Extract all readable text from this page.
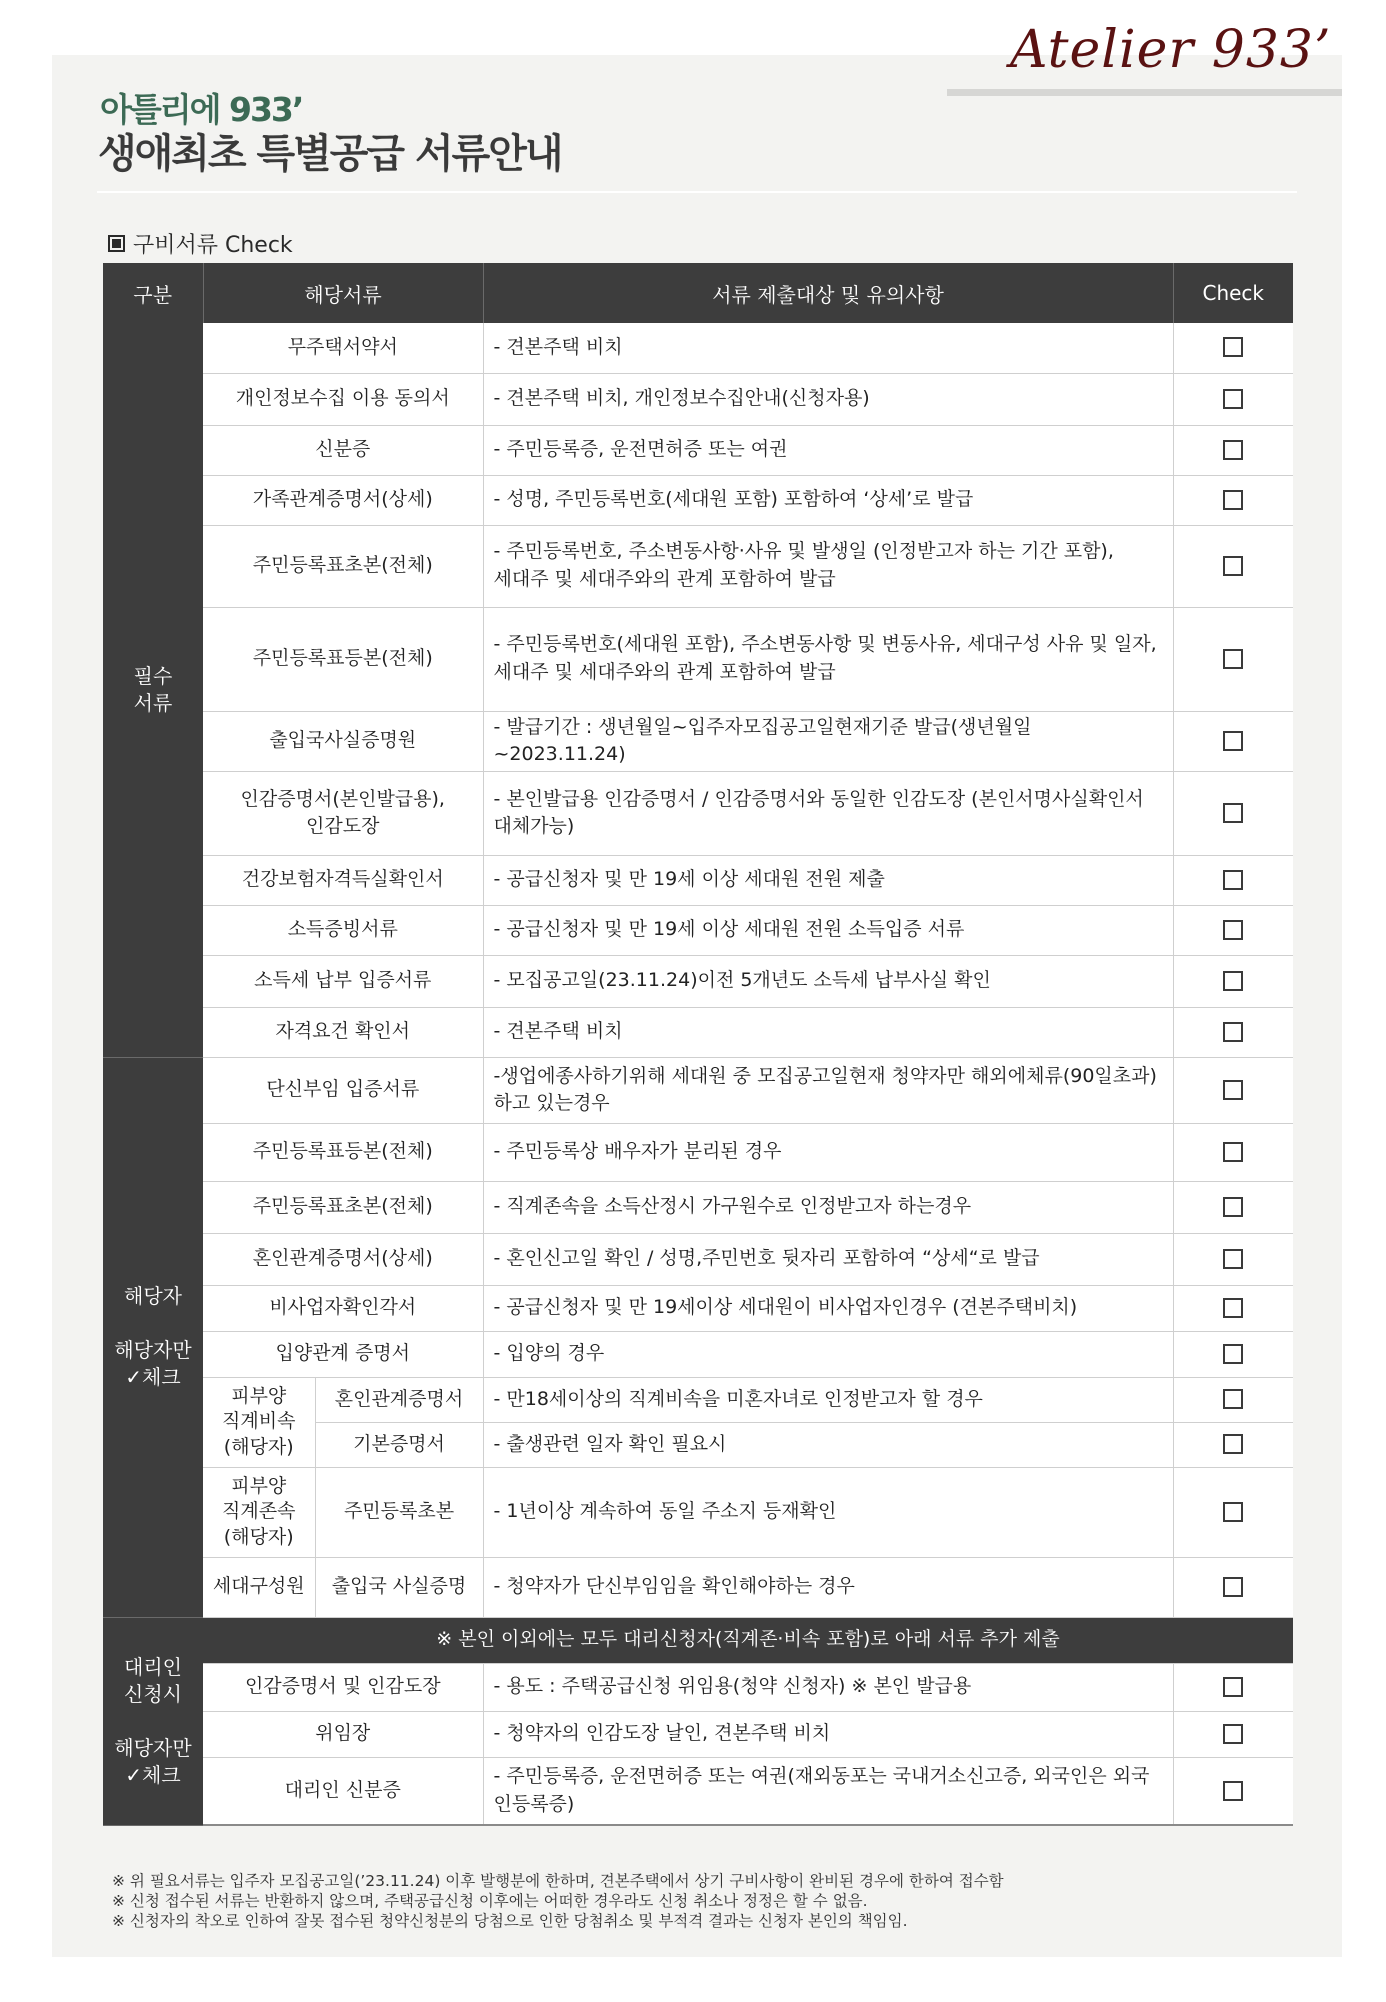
Atelier 933’
아틀리에 933’
생애최초 특별공급 서류안내
구비서류 Check
구분	해당서류		서류 제출대상 및 유의사항	Check
필수
서류	무주택서약서		- 견본주택 비치	
	개인정보수집 이용 동의서		- 견본주택 비치, 개인정보수집안내(신청자용)	
	신분증		- 주민등록증, 운전면허증 또는 여권	
	가족관계증명서(상세)		- 성명, 주민등록번호(세대원 포함) 포함하여 ‘상세’로 발급	
	주민등록표초본(전체)		- 주민등록번호, 주소변동사항·사유 및 발생일 (인정받고자 하는 기간 포함),
세대주 및 세대주와의 관계 포함하여 발급	
	주민등록표등본(전체)		- 주민등록번호(세대원 포함), 주소변동사항 및 변동사유, 세대구성 사유 및 일자,
세대주 및 세대주와의 관계 포함하여 발급	
	출입국사실증명원		- 발급기간 : 생년월일~입주자모집공고일현재기준 발급(생년월일~2023.11.24)	
	인감증명서(본인발급용),
인감도장		- 본인발급용 인감증명서 / 인감증명서와 동일한 인감도장 (본인서명사실확인서
대체가능)	
	건강보험자격득실확인서		- 공급신청자 및 만 19세 이상 세대원 전원 제출	
	소득증빙서류		- 공급신청자 및 만 19세 이상 세대원 전원 소득입증 서류	
	소득세 납부 입증서류		- 모집공고일(23.11.24)이전 5개년도 소득세 납부사실 확인	
	자격요건 확인서		- 견본주택 비치	
해당자

해당자만
✓체크	단신부임 입증서류		-생업에종사하기위해 세대원 중 모집공고일현재 청약자만 해외에체류(90일초과)
하고 있는경우	
	주민등록표등본(전체)		- 주민등록상 배우자가 분리된 경우	
	주민등록표초본(전체)		- 직계존속을 소득산정시 가구원수로 인정받고자 하는경우	
	혼인관계증명서(상세)		- 혼인신고일 확인 / 성명,주민번호 뒷자리 포함하여 “상세“로 발급	
	비사업자확인각서		- 공급신청자 및 만 19세이상 세대원이 비사업자인경우 (견본주택비치)	
	입양관계 증명서		- 입양의 경우	
	피부양
직계비속
(해당자)	혼인관계증명서	- 만18세이상의 직계비속을 미혼자녀로 인정받고자 할 경우	
		기본증명서	- 출생관련 일자 확인 필요시	
	피부양
직계존속
(해당자)	주민등록초본	- 1년이상 계속하여 동일 주소지 등재확인	
	세대구성원	출입국 사실증명	- 청약자가 단신부임임을 확인해야하는 경우	
대리인
신청시

해당자만
✓체크	※ 본인 이외에는 모두 대리신청자(직계존·비속 포함)로 아래 서류 추가 제출			
	인감증명서 및 인감도장		- 용도 : 주택공급신청 위임용(청약 신청자) ※ 본인 발급용	
	위임장		- 청약자의 인감도장 날인, 견본주택 비치	
	대리인 신분증		- 주민등록증, 운전면허증 또는 여권(재외동포는 국내거소신고증, 외국인은 외국
인등록증)	
※ 위 필요서류는 입주자 모집공고일(’23.11.24) 이후 발행분에 한하며, 견본주택에서 상기 구비사항이 완비된 경우에 한하여 접수함
※ 신청 접수된 서류는 반환하지 않으며, 주택공급신청 이후에는 어떠한 경우라도 신청 취소나 정정은 할 수 없음.
※ 신청자의 착오로 인하여 잘못 접수된 청약신청분의 당첨으로 인한 당첨취소 및 부적격 결과는 신청자 본인의 책임임.
